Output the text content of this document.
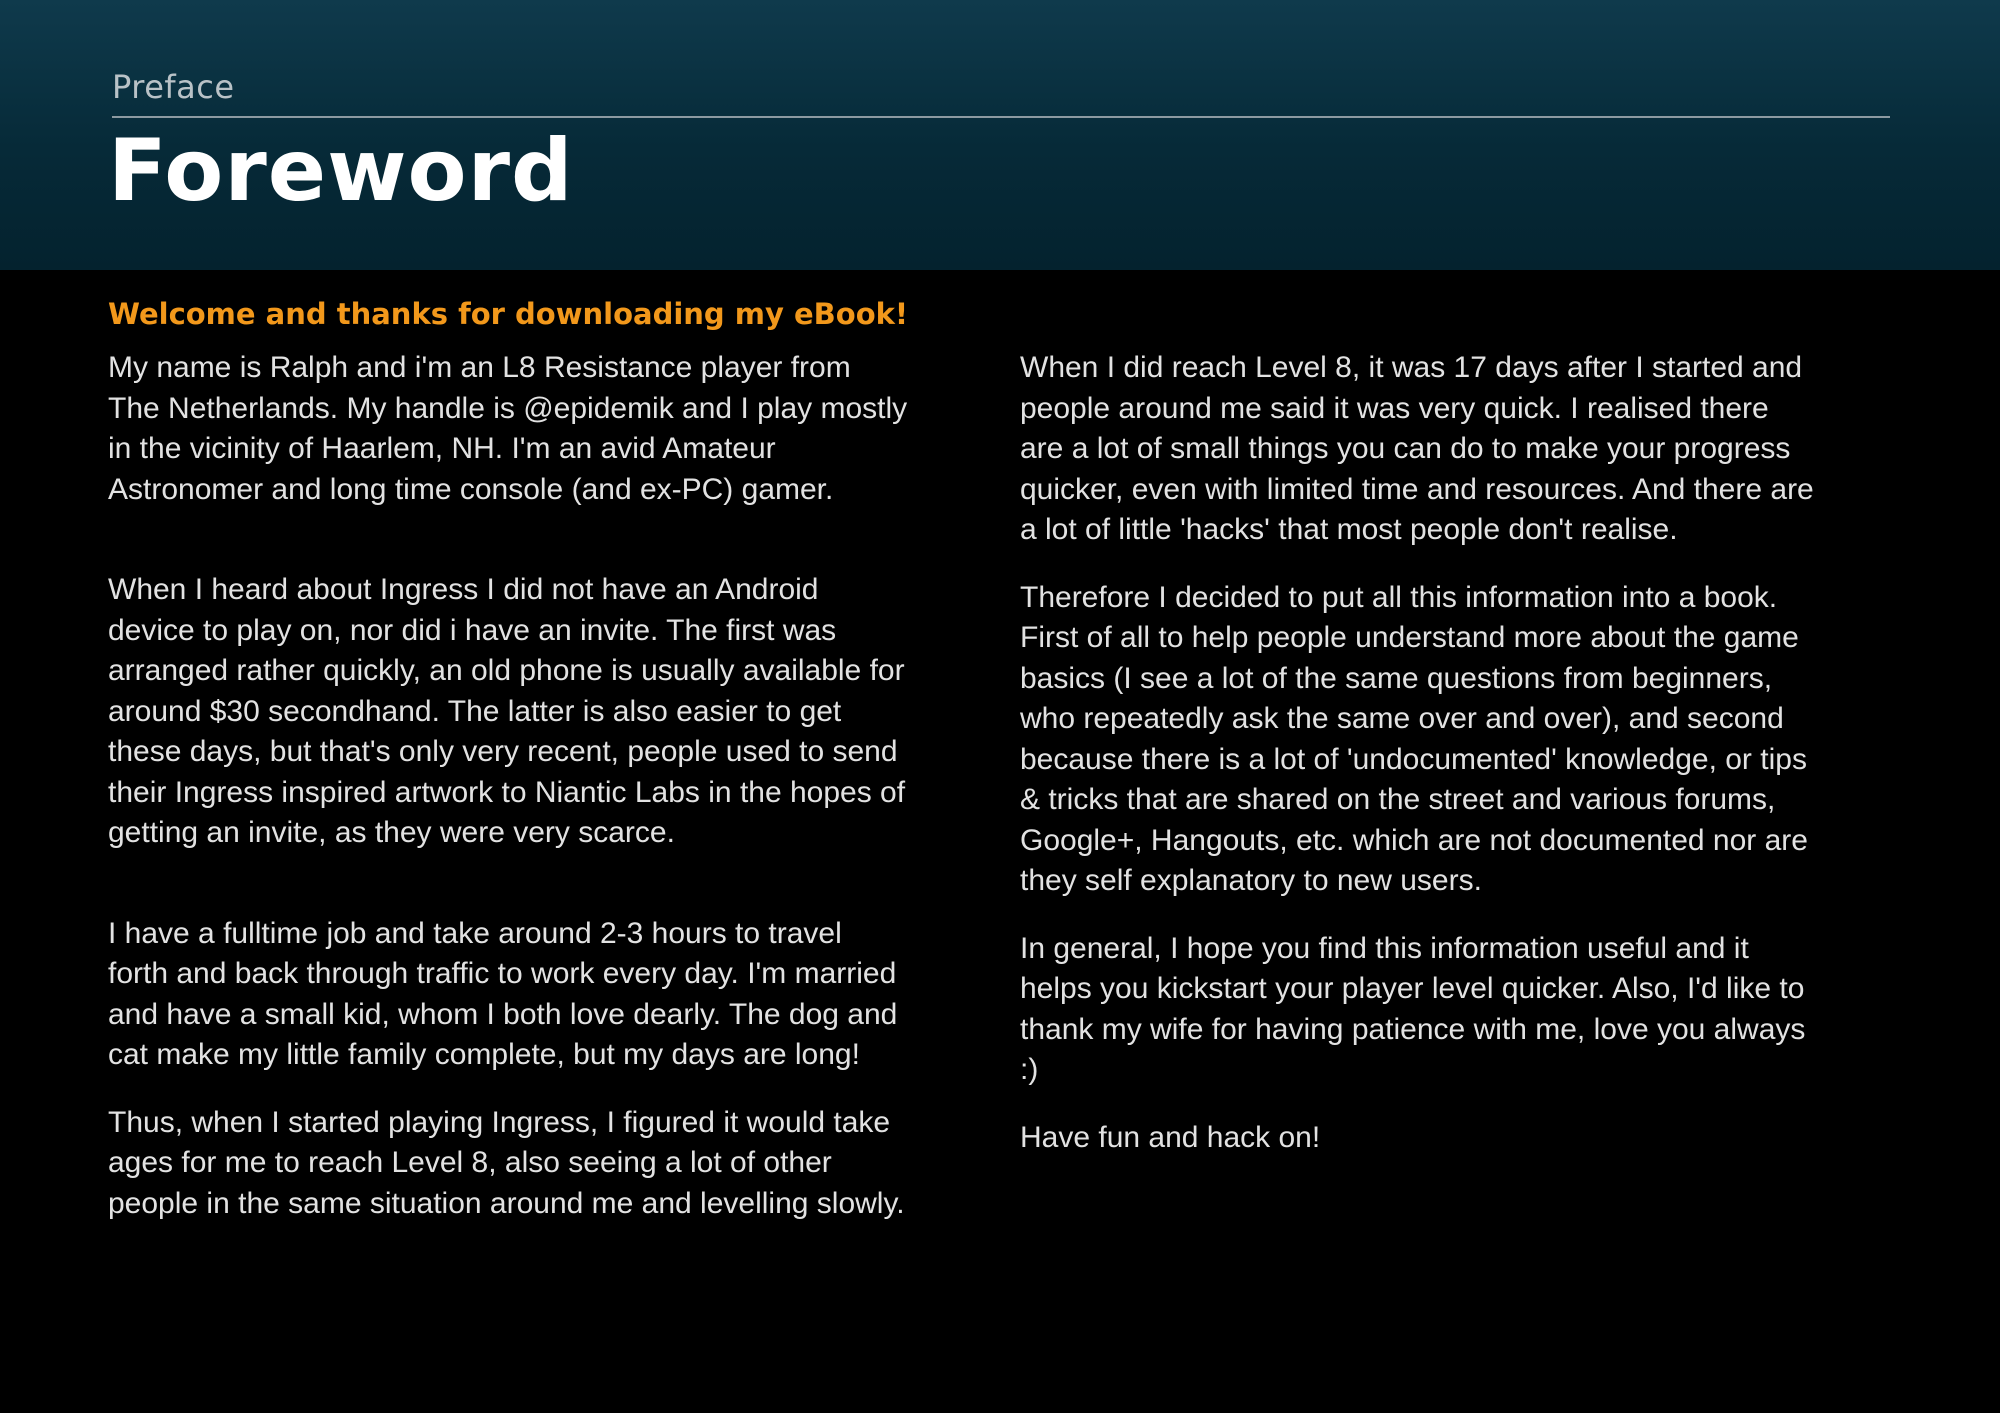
Preface
Foreword
Welcome and thanks for downloading my eBook!

My name is Ralph and i'm an L8 Resistance player from The Netherlands. My handle is @epidemik and I play mostly in the vicinity of Haarlem, NH. I'm an avid Amateur Astronomer and long time console (and ex-PC) gamer.

When I heard about Ingress I did not have an Android device to play on, nor did i have an invite. The first was arranged rather quickly, an old phone is usually available for around $30 secondhand. The latter is also easier to get these days, but that's only very recent, people used to send their Ingress inspired artwork to Niantic Labs in the hopes of getting an invite, as they were very scarce.

I have a fulltime job and take around 2-3 hours to travel forth and back through traffic to work every day. I'm married and have a small kid, whom I both love dearly. The dog and cat make my little family complete, but my days are long!

Thus, when I started playing Ingress, I figured it would take ages for me to reach Level 8, also seeing a lot of other people in the same situation around me and levelling slowly.

When I did reach Level 8, it was 17 days after I started and people around me said it was very quick. I realised there are a lot of small things you can do to make your progress quicker, even with limited time and resources. And there are a lot of little 'hacks' that most people don't realise.

Therefore I decided to put all this information into a book. First of all to help people understand more about the game basics (I see a lot of the same questions from beginners, who repeatedly ask the same over and over), and second because there is a lot of 'undocumented' knowledge, or tips & tricks that are shared on the street and various forums, Google+, Hangouts, etc. which are not documented nor are they self explanatory to new users.

In general, I hope you find this information useful and it helps you kickstart your player level quicker. Also, I'd like to thank my wife for having patience with me, love you always :)

Have fun and hack on!
